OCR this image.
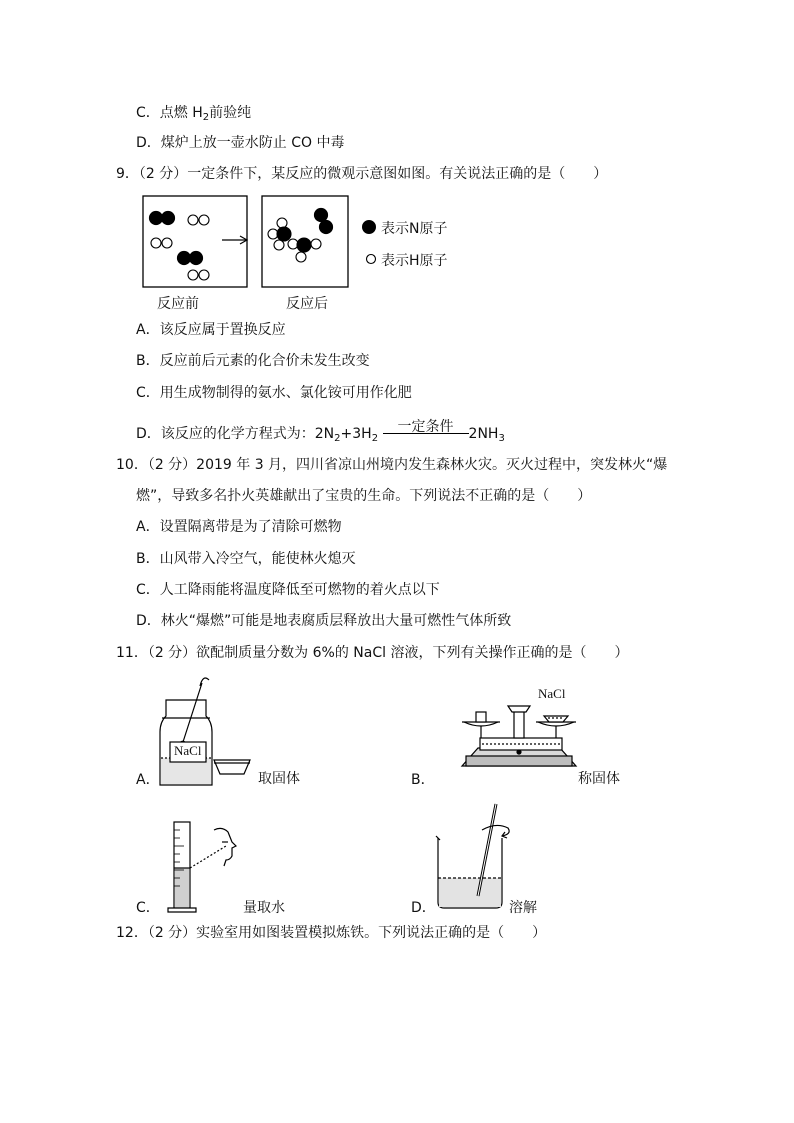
C．点燃 $H_2$前验纯
D．煤炉上放一壶水防止 CO 中毒
9．（2 分）一定条件下，某反应的微观示意图如图。有关说法正确的是（　　）
表示N原子
表示H原子
反应前	反应后
A．该反应属于置换反应
B．反应前后元素的化合价未发生改变
C．用生成物制得的氨水、氯化铵可用作化肥
D．该反应的化学方程式为：$2N_2+3H_2$
一定条件	$2NH_3$
10．（2 分）2019 年 3 月，四川省凉山州境内发生森林火灾。灭火过程中，突发林火“爆
燃”，导致多名扑火英雄献出了宝贵的生命。下列说法不正确的是（　　）
A．设置隔离带是为了清除可燃物
B．山风带入冷空气，能使林火熄灭
C．人工降雨能将温度降低至可燃物的着火点以下
D．林火“爆燃”可能是地表腐质层释放出大量可燃性气体所致
11．（2 分）欲配制质量分数为 6%的 NaCl 溶液，下列有关操作正确的是（　　）
NaCl
A．	取固体
NaCl
B．	称固体
C．	量取水	D．	溶解
12．（2 分）实验室用如图装置模拟炼铁。下列说法正确的是（　　）
